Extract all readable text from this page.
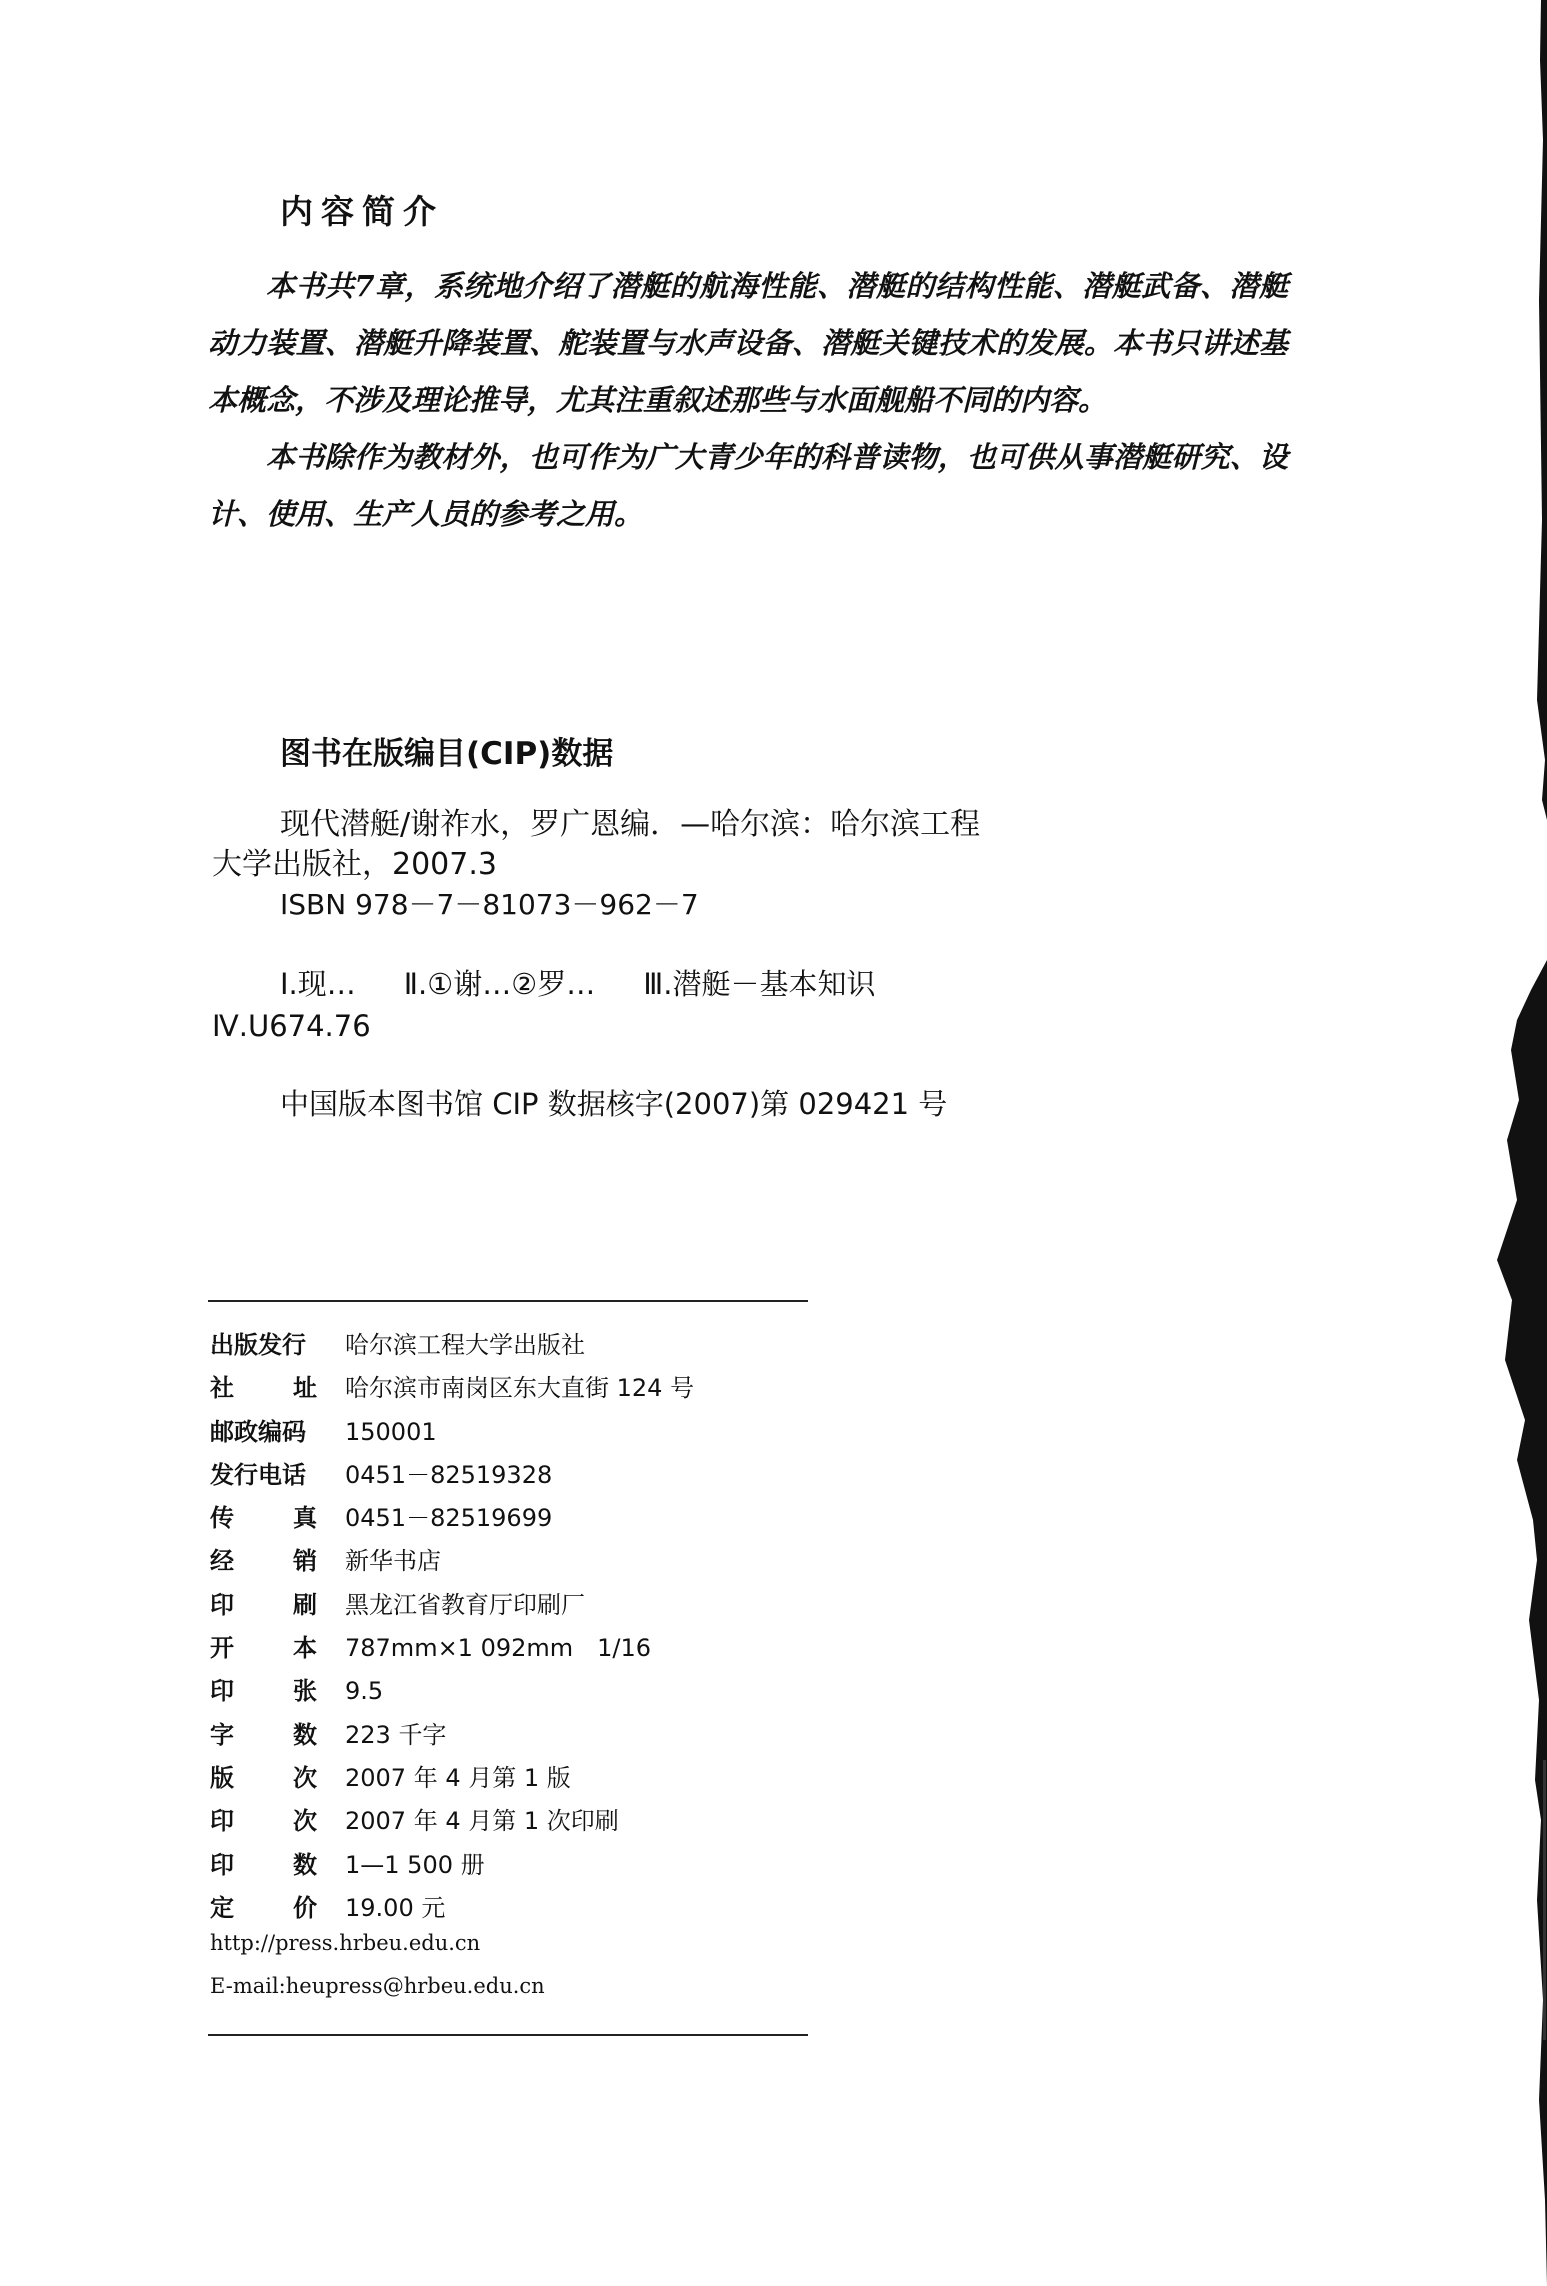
内容简介

本书共7章，系统地介绍了潜艇的航海性能、潜艇的结构性能、潜艇武备、潜艇动力装置、潜艇升降装置、舵装置与水声设备、潜艇关键技术的发展。本书只讲述基本概念，不涉及理论推导，尤其注重叙述那些与水面舰船不同的内容。

本书除作为教材外，也可作为广大青少年的科普读物，也可供从事潜艇研究、设计、使用、生产人员的参考之用。

图书在版编目(CIP)数据
现代潜艇/谢祚水，罗广恩编．—哈尔滨：哈尔滨工程
大学出版社，2007.3
ISBN 978－7－81073－962－7
Ⅰ.现… Ⅱ.①谢…②罗… Ⅲ.潜艇－基本知识
Ⅳ.U674.76
中国版本图书馆 CIP 数据核字(2007)第 029421 号
出版发行 哈尔滨工程大学出版社
社 址 哈尔滨市南岗区东大直街 124 号
邮政编码 150001
发行电话 0451－82519328
传 真 0451－82519699
经 销 新华书店
印 刷 黑龙江省教育厅印刷厂
开 本 787mm×1 092mm　1/16
印 张 9.5
字 数 223 千字
版 次 2007 年 4 月第 1 版
印 次 2007 年 4 月第 1 次印刷
印 数 1—1 500 册
定 价 19.00 元
http://press.hrbeu.edu.cn
E-mail:heupress@hrbeu.edu.cn
